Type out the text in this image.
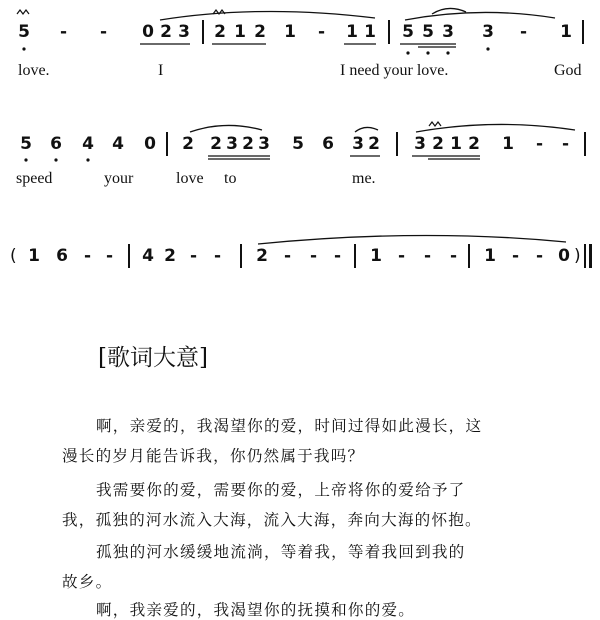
5 - - 0 2 3 2 1 2 1 - 1 1 5 5 3 3 - 1
love.	I	I need your love.	God
5 6 4 4 0 2 2 3 2 3 5 6 3 2 3 2 1 2 1 - -
speed	your	love to	me.
( 1 6 - - 4 2 - - 2 - - - 1 - - - 1 - - 0 )
[歌词大意]
啊，亲爱的，我渴望你的爱，时间过得如此漫长，这
漫长的岁月能告诉我，你仍然属于我吗？
我需要你的爱，需要你的爱，上帝将你的爱给予了
我，孤独的河水流入大海，流入大海，奔向大海的怀抱。
孤独的河水缓缓地流淌，等着我，等着我回到我的
故乡。
啊，我亲爱的，我渴望你的抚摸和你的爱。
